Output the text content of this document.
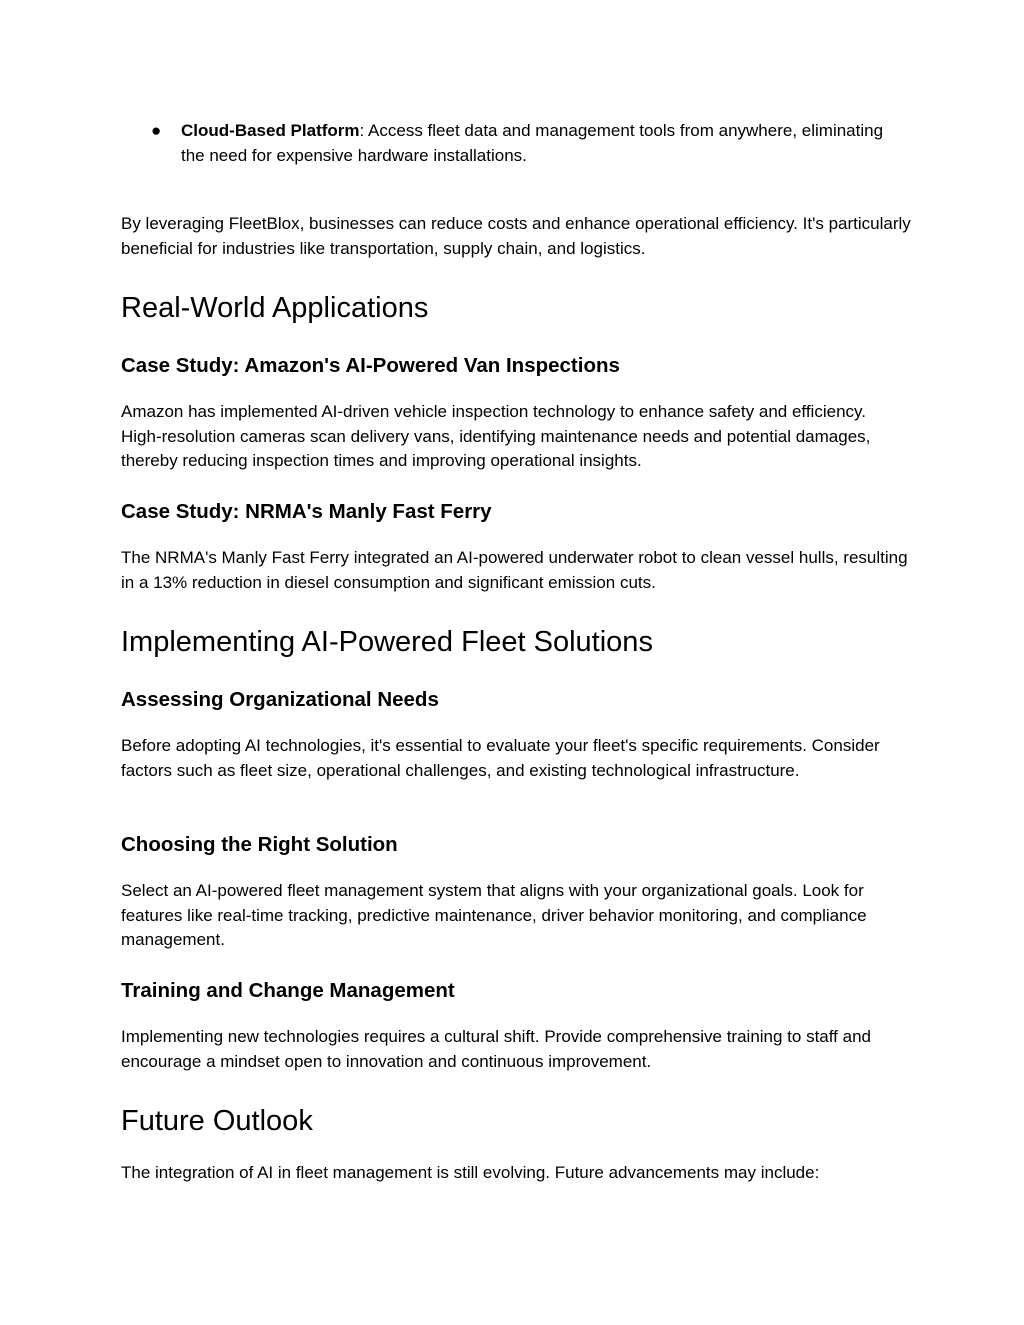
● Cloud-Based Platform: Access fleet data and management tools from anywhere, eliminating the need for expensive hardware installations.

By leveraging FleetBlox, businesses can reduce costs and enhance operational efficiency. It's particularly beneficial for industries like transportation, supply chain, and logistics.

Real-World Applications
Case Study: Amazon's AI-Powered Van Inspections

Amazon has implemented AI-driven vehicle inspection technology to enhance safety and efficiency. High-resolution cameras scan delivery vans, identifying maintenance needs and potential damages, thereby reducing inspection times and improving operational insights.

Case Study: NRMA's Manly Fast Ferry

The NRMA's Manly Fast Ferry integrated an AI-powered underwater robot to clean vessel hulls, resulting in a 13% reduction in diesel consumption and significant emission cuts.

Implementing AI-Powered Fleet Solutions
Assessing Organizational Needs

Before adopting AI technologies, it's essential to evaluate your fleet's specific requirements. Consider factors such as fleet size, operational challenges, and existing technological infrastructure.

Choosing the Right Solution

Select an AI-powered fleet management system that aligns with your organizational goals. Look for features like real-time tracking, predictive maintenance, driver behavior monitoring, and compliance management.

Training and Change Management

Implementing new technologies requires a cultural shift. Provide comprehensive training to staff and encourage a mindset open to innovation and continuous improvement.

Future Outlook

The integration of AI in fleet management is still evolving. Future advancements may include:
